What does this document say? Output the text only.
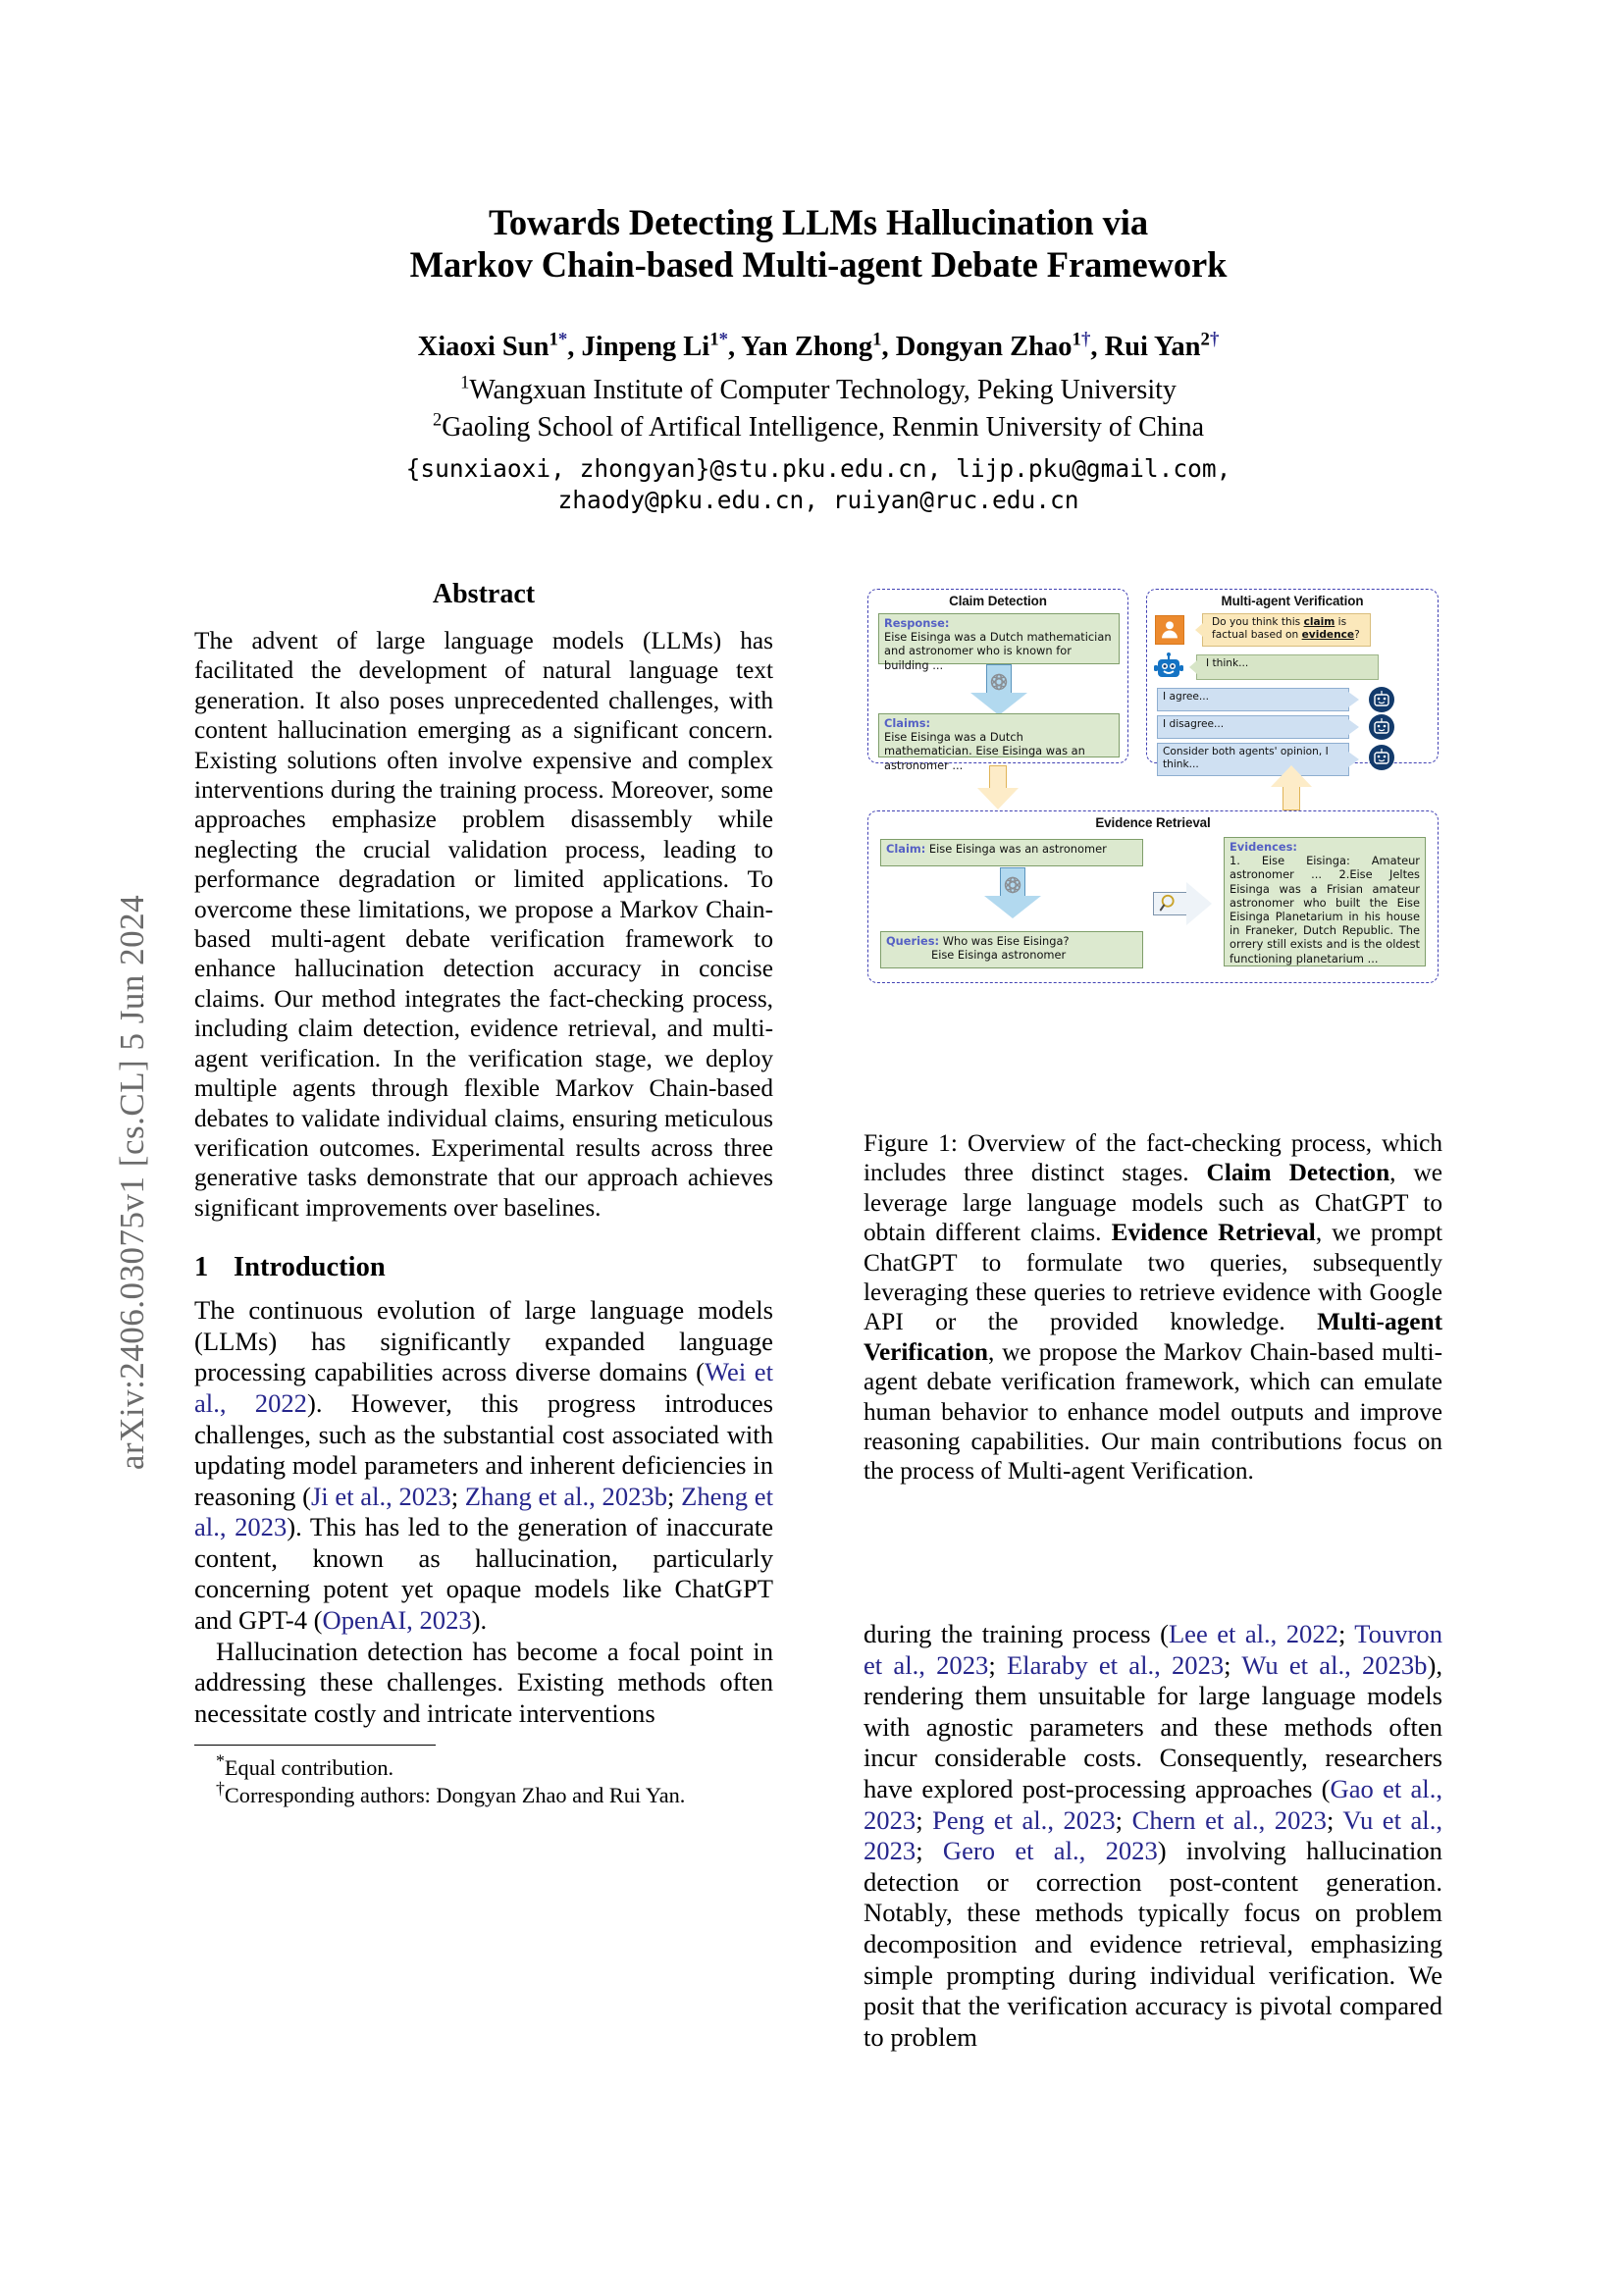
arXiv:2406.03075v1 [cs.CL] 5 Jun 2024
Towards Detecting LLMs Hallucination via
Markov Chain-based Multi-agent Debate Framework
Xiaoxi Sun$^{1*}$, Jinpeng $Li^{1*}$, Yan Zhong$^1$, Dongyan Zhao$^{1\dagger}$, Rui Yan$^{2\dagger}$
$^1$Wangxuan Institute of Computer Technology, Peking University
$^2$Gaoling School of Artifical Intelligence, Renmin University of China
{sunxiaoxi, zhongyan}@stu.pku.edu.cn, lijp.pku@gmail.com,
zhaody@pku.edu.cn, ruiyan@ruc.edu.cn
Abstract
The advent of large language models (LLMs) has facilitated the development of natural language text generation. It also poses unprecedented challenges, with content hallucination emerging as a significant concern. Existing solutions often involve expensive and complex interventions during the training process. Moreover, some approaches emphasize problem disassembly while neglecting the crucial validation process, leading to performance degradation or limited applications. To overcome these limitations, we propose a Markov Chain-based multi-agent debate verification framework to enhance hallucination detection accuracy in concise claims. Our method integrates the fact-checking process, including claim detection, evidence retrieval, and multi-agent verification. In the verification stage, we deploy multiple agents through flexible Markov Chain-based debates to validate individual claims, ensuring meticulous verification outcomes. Experimental results across three generative tasks demonstrate that our approach achieves significant improvements over baselines.
1 Introduction
The continuous evolution of large language models (LLMs) has significantly expanded language processing capabilities across diverse domains (Wei et al., 2022). However, this progress introduces challenges, such as the substantial cost associated with updating model parameters and inherent deficiencies in reasoning (Ji et al., 2023; Zhang et al., 2023b; Zheng et al., 2023). This has led to the generation of inaccurate content, known as hallucination, particularly concerning potent yet opaque models like ChatGPT and GPT-4 (OpenAI, 2023).
Hallucination detection has become a focal point in addressing these challenges. Existing methods often necessitate costly and intricate interventions
*Equal contribution.
†Corresponding authors: Dongyan Zhao and Rui Yan.
Claim Detection
Response:
Eise Eisinga was a Dutch mathematician and astronomer who is known for building ...
Claims:
Eise Eisinga was a Dutch mathematician. Eise Eisinga was an astronomer ...
Multi-agent Verification
Do you think this claim is factual based on evidence?
I think...
I agree...
I disagree...
Consider both agents' opinion, I think...
Evidence Retrieval
Claim: Eise Eisinga was an astronomer
Queries: Who was Eise Eisinga?
Eise Eisinga astronomer
Evidences:

1. Eise Eisinga: Amateur astronomer ... 2.Eise Jeltes Eisinga was a Frisian amateur astronomer who built the Eise Eisinga Planetarium in his house in Franeker, Dutch Republic. The orrery still exists and is the oldest functioning planetarium ...
Figure 1: Overview of the fact-checking process, which includes three distinct stages. Claim Detection, we leverage large language models such as ChatGPT to obtain different claims. Evidence Retrieval, we prompt ChatGPT to formulate two queries, subsequently leveraging these queries to retrieve evidence with Google API or the provided knowledge. Multi-agent Verification, we propose the Markov Chain-based multi-agent debate verification framework, which can emulate human behavior to enhance model outputs and improve reasoning capabilities. Our main contributions focus on the process of Multi-agent Verification.
during the training process (Lee et al., 2022; Touvron et al., 2023; Elaraby et al., 2023; Wu et al., 2023b), rendering them unsuitable for large language models with agnostic parameters and these methods often incur considerable costs. Consequently, researchers have explored post-processing approaches (Gao et al., 2023; Peng et al., 2023; Chern et al., 2023; Vu et al., 2023; Gero et al., 2023) involving hallucination detection or correction post-content generation. Notably, these methods typically focus on problem decomposition and evidence retrieval, emphasizing simple prompting during individual verification. We posit that the verification accuracy is pivotal compared to problem
